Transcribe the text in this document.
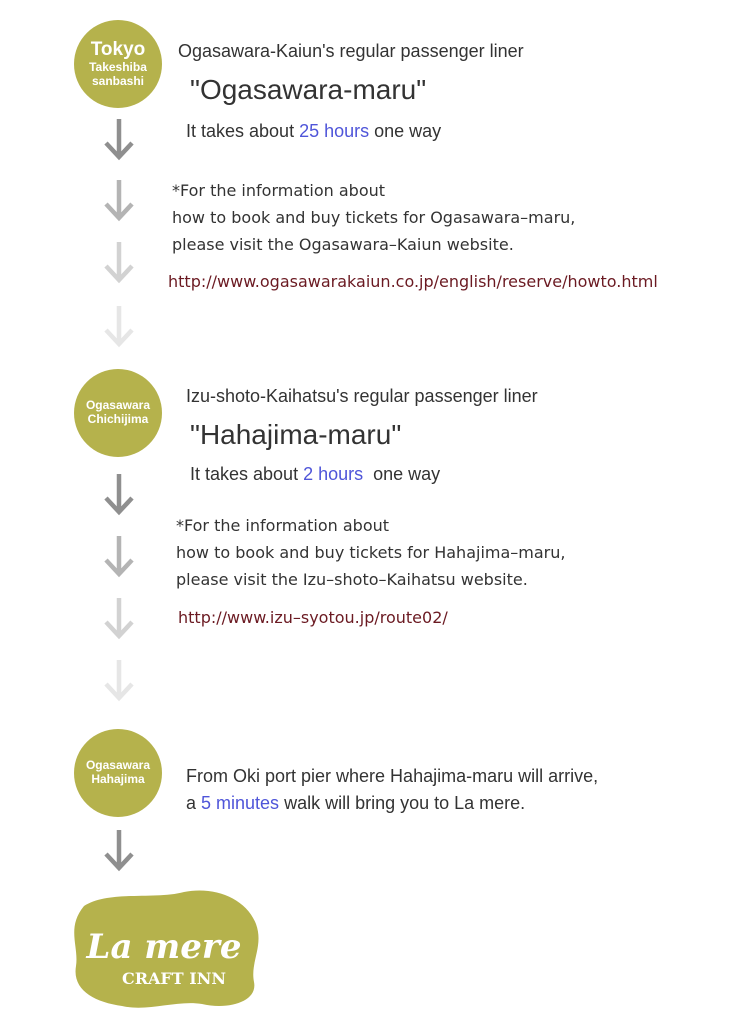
Tokyo
Takeshiba
sanbashi
Ogasawara-Kaiun's regular passenger liner
"Ogasawara-maru"
It takes about 25 hours one way
*For the information about
how to book and buy tickets for Ogasawara–maru,
please visit the Ogasawara–Kaiun website.
http://www.ogasawarakaiun.co.jp/english/reserve/howto.html
Ogasawara
Chichijima
Izu-shoto-Kaihatsu's regular passenger liner
"Hahajima-maru"
It takes about 2 hours  one way
*For the information about
how to book and buy tickets for Hahajima–maru,
please visit the Izu–shoto–Kaihatsu website.
http://www.izu–syotou.jp/route02/
Ogasawara
Hahajima From Oki port pier where Hahajima-maru will arrive,
a 5 minutes walk will bring you to La mere.
La mere
CRAFT INN
